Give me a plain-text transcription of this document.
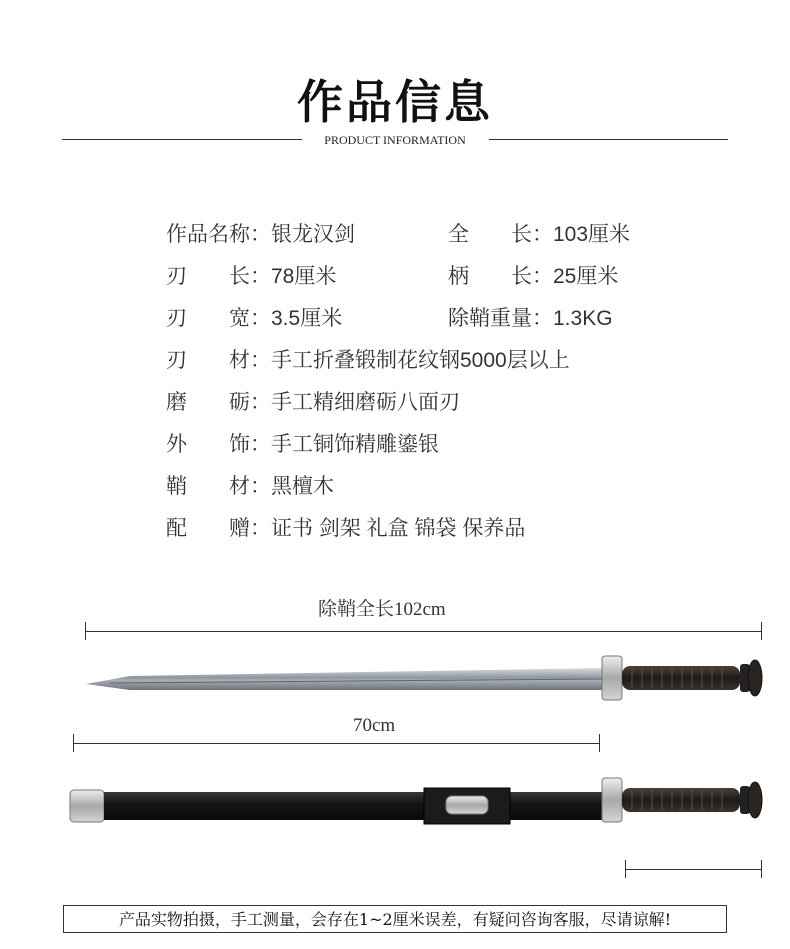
作品信息
PRODUCT INFORMATION
作品名称：银龙汉剑	全　　长：103厘米
刃　　长：78厘米	柄　　长：25厘米
刃　　宽：3.5厘米	除鞘重量：1.3KG
刃　　材：手工折叠锻制花纹钢5000层以上
磨　　砺：手工精细磨砺八面刃
外　　饰：手工铜饰精雕鎏银
鞘　　材：黑檀木
配　　赠：证书 剑架 礼盒 锦袋 保养品
除鞘全长102cm
70cm
产品实物拍摄，手工测量，会存在1~2厘米误差，有疑问咨询客服，尽请谅解!
